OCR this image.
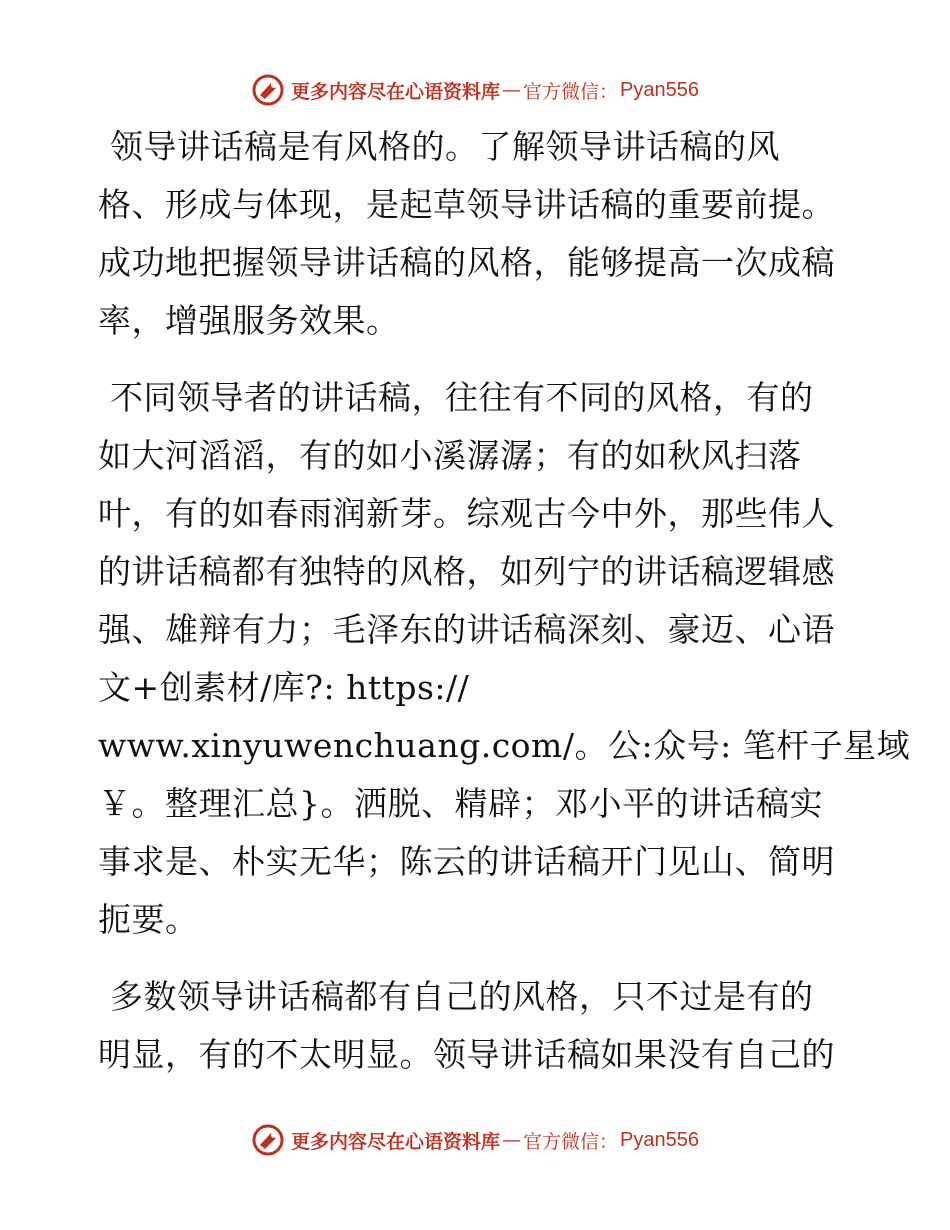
更多内容尽在心语资料库 — 官方微信： Pyan556

领导讲话稿是有风格的。了解领导讲话稿的风
格、形成与体现，是起草领导讲话稿的重要前提。
成功地把握领导讲话稿的风格，能够提高一次成稿
率，增强服务效果。

不同领导者的讲话稿，往往有不同的风格，有的
如大河滔滔，有的如小溪潺潺；有的如秋风扫落
叶，有的如春雨润新芽。综观古今中外，那些伟人
的讲话稿都有独特的风格，如列宁的讲话稿逻辑感
强、雄辩有力；毛泽东的讲话稿深刻、豪迈、心语
文+创素材/库?: https://
www.xinyuwenchuang.com/。公:众号: 笔杆子星域
￥。整理汇总}。洒脱、精辟；邓小平的讲话稿实
事求是、朴实无华；陈云的讲话稿开门见山、简明
扼要。

多数领导讲话稿都有自己的风格，只不过是有的
明显，有的不太明显。领导讲话稿如果没有自己的

更多内容尽在心语资料库 — 官方微信： Pyan556
